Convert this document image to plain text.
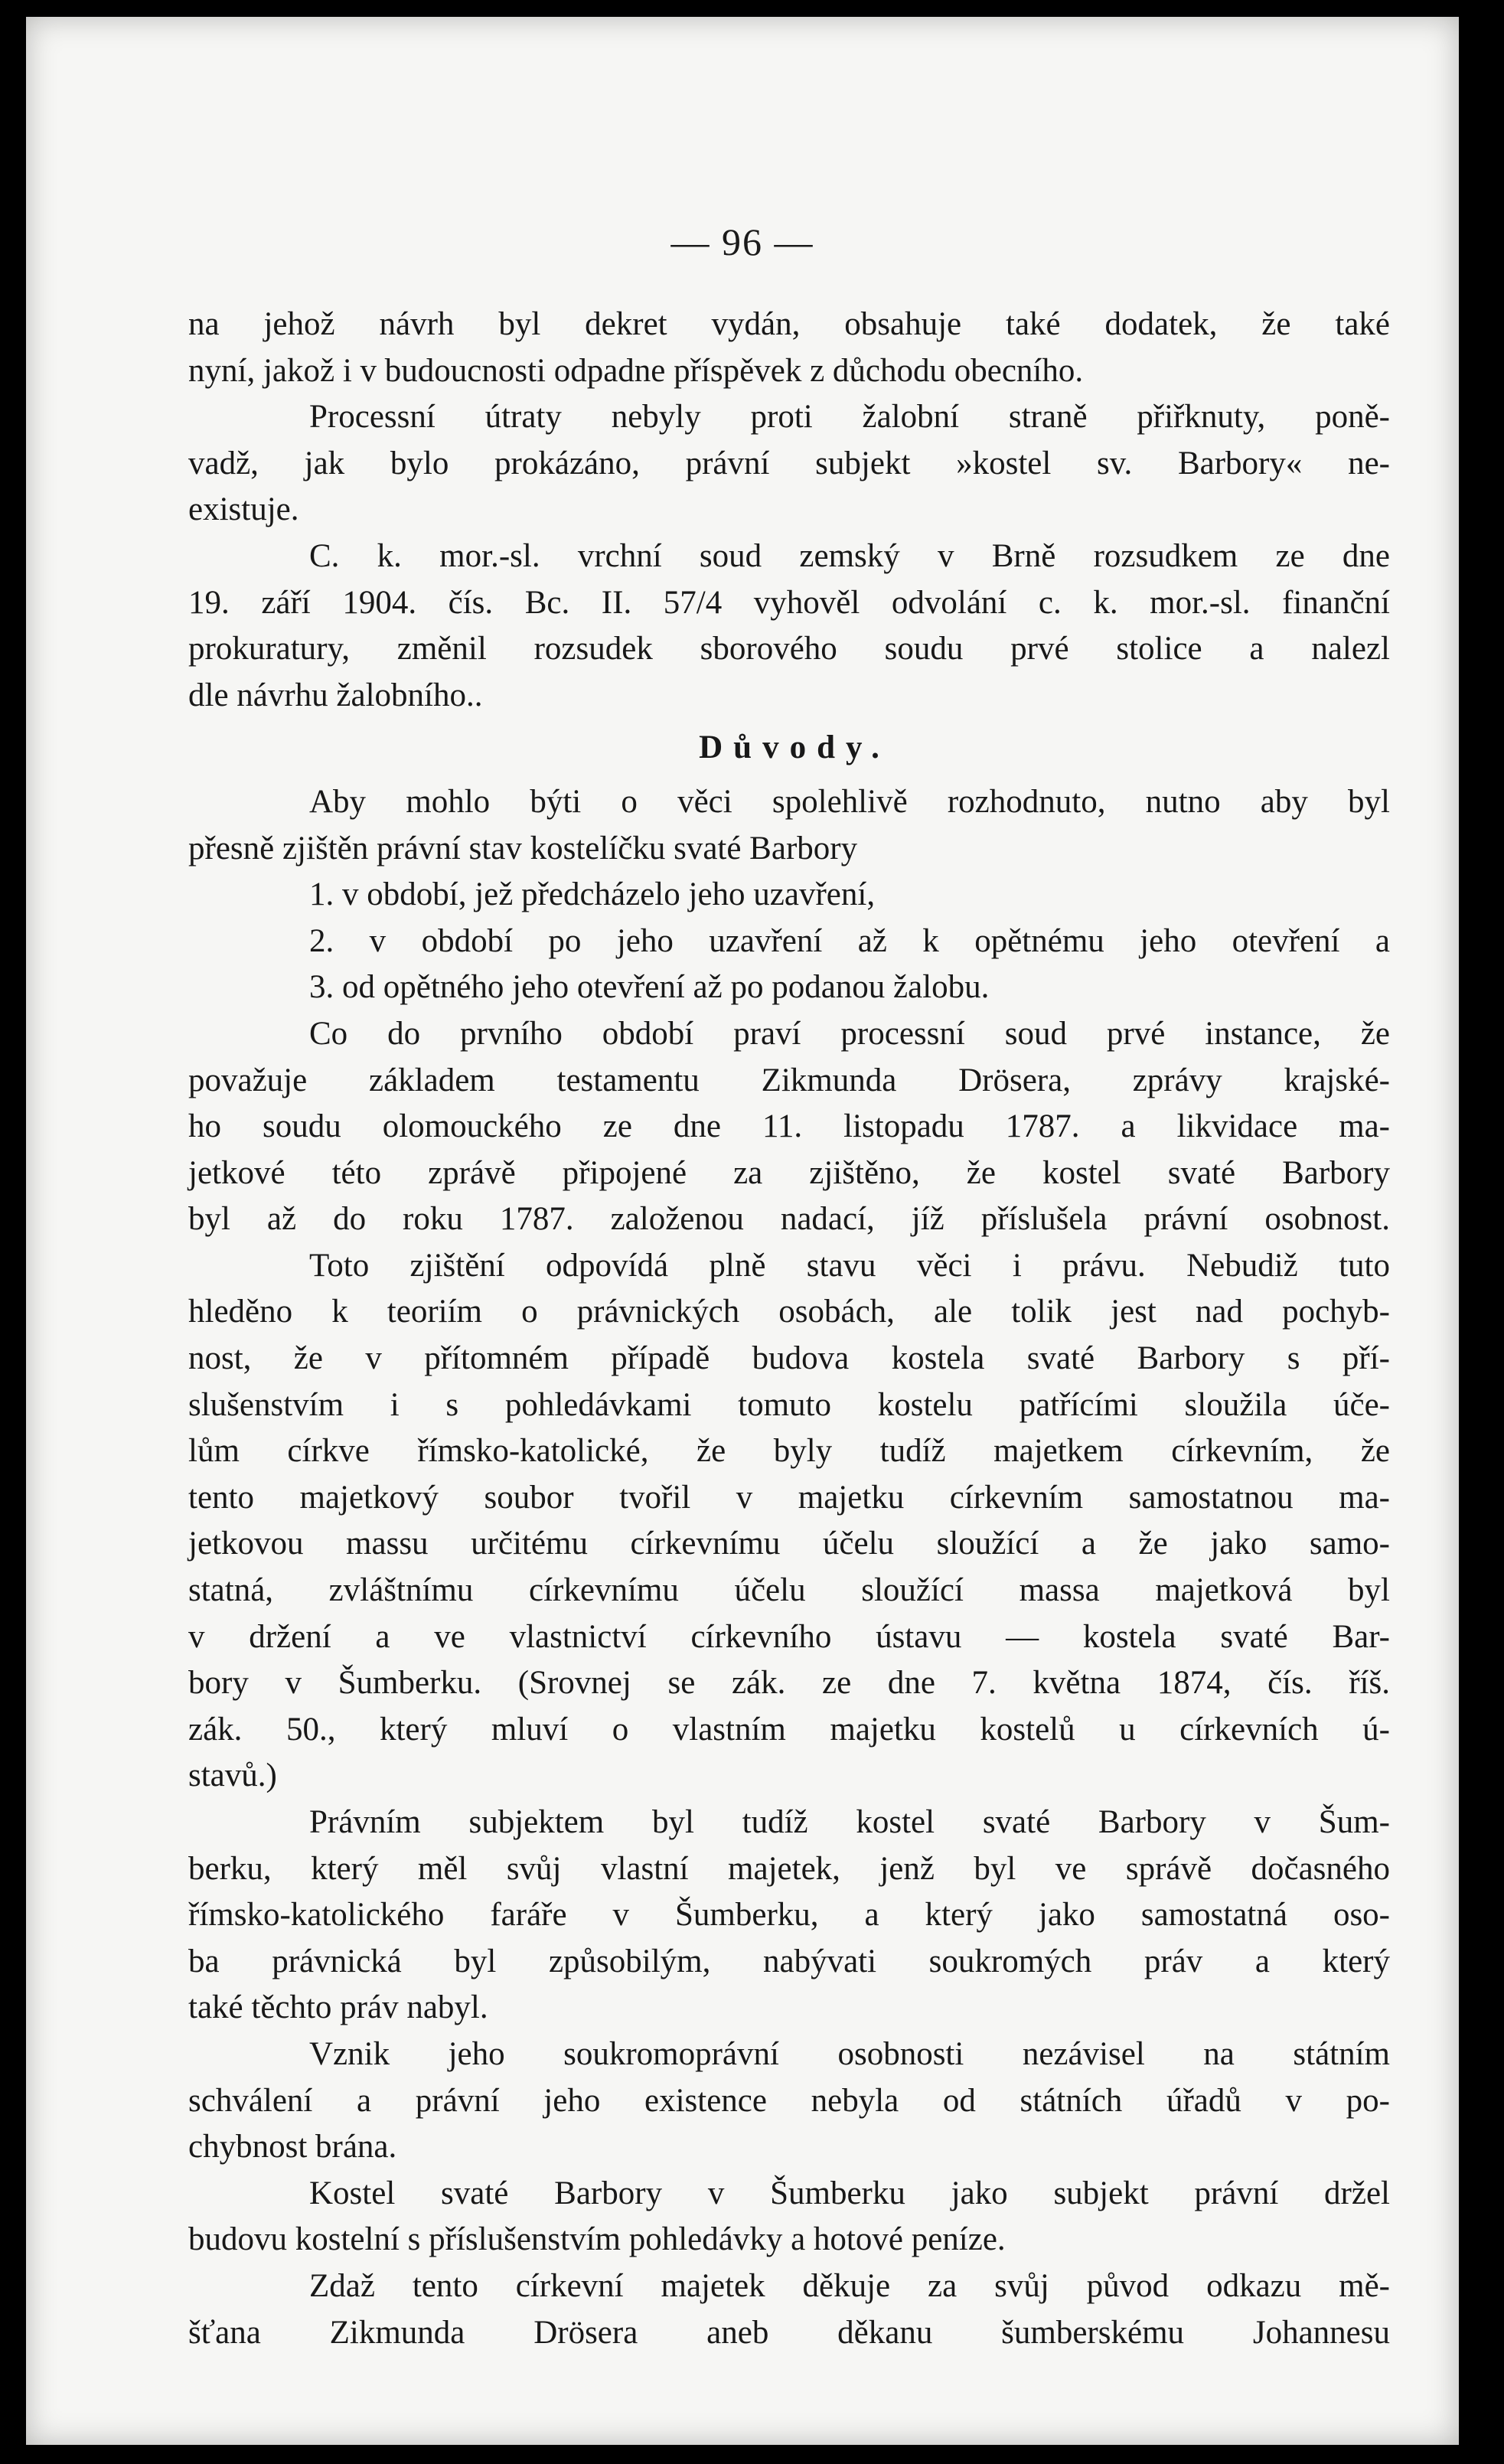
— 96 —
na jehož návrh byl dekret vydán, obsahuje také dodatek, že také
nyní, jakož i v budoucnosti odpadne příspěvek z důchodu obecního.
Processní útraty nebyly proti žalobní straně přiřknuty, poně-
vadž, jak bylo prokázáno, právní subjekt »kostel sv. Barbory« ne-
existuje.
C. k. mor.-sl. vrchní soud zemský v Brně rozsudkem ze dne
19. září 1904. čís. Bc. II. 57/4 vyhověl odvolání c. k. mor.-sl. finanční
prokuratury, změnil rozsudek sborového soudu prvé stolice a nalezl
dle návrhu žalobního..
Důvody.
Aby mohlo býti o věci spolehlivě rozhodnuto, nutno aby byl
přesně zjištěn právní stav kostelíčku svaté Barbory
1. v období, jež předcházelo jeho uzavření,
2. v období po jeho uzavření až k opětnému jeho otevření a
3. od opětného jeho otevření až po podanou žalobu.
Co do prvního období praví processní soud prvé instance, že
považuje základem testamentu Zikmunda Drösera, zprávy krajské-
ho soudu olomouckého ze dne 11. listopadu 1787. a likvidace ma-
jetkové této zprávě připojené za zjištěno, že kostel svaté Barbory
byl až do roku 1787. založenou nadací, jíž příslušela právní osobnost.
Toto zjištění odpovídá plně stavu věci i právu. Nebudiž tuto
hleděno k teoriím o právnických osobách, ale tolik jest nad pochyb-
nost, že v přítomném případě budova kostela svaté Barbory s pří-
slušenstvím i s pohledávkami tomuto kostelu patřícími sloužila úče-
lům církve římsko-katolické, že byly tudíž majetkem církevním, že
tento majetkový soubor tvořil v majetku církevním samostatnou ma-
jetkovou massu určitému církevnímu účelu sloužící a že jako samo-
statná, zvláštnímu církevnímu účelu sloužící massa majetková byl
v držení a ve vlastnictví církevního ústavu — kostela svaté Bar-
bory v Šumberku. (Srovnej se zák. ze dne 7. května 1874, čís. říš.
zák. 50., který mluví o vlastním majetku kostelů u církevních ú-
stavů.)
Právním subjektem byl tudíž kostel svaté Barbory v Šum-
berku, který měl svůj vlastní majetek, jenž byl ve správě dočasného
římsko-katolického faráře v Šumberku, a který jako samostatná oso-
ba právnická byl způsobilým, nabývati soukromých práv a který
také těchto práv nabyl.
Vznik jeho soukromoprávní osobnosti nezávisel na státním
schválení a právní jeho existence nebyla od státních úřadů v po-
chybnost brána.
Kostel svaté Barbory v Šumberku jako subjekt právní držel
budovu kostelní s příslušenstvím pohledávky a hotové peníze.
Zdaž tento církevní majetek děkuje za svůj původ odkazu mě-
šťana Zikmunda Drösera aneb děkanu šumberskému Johannesu
